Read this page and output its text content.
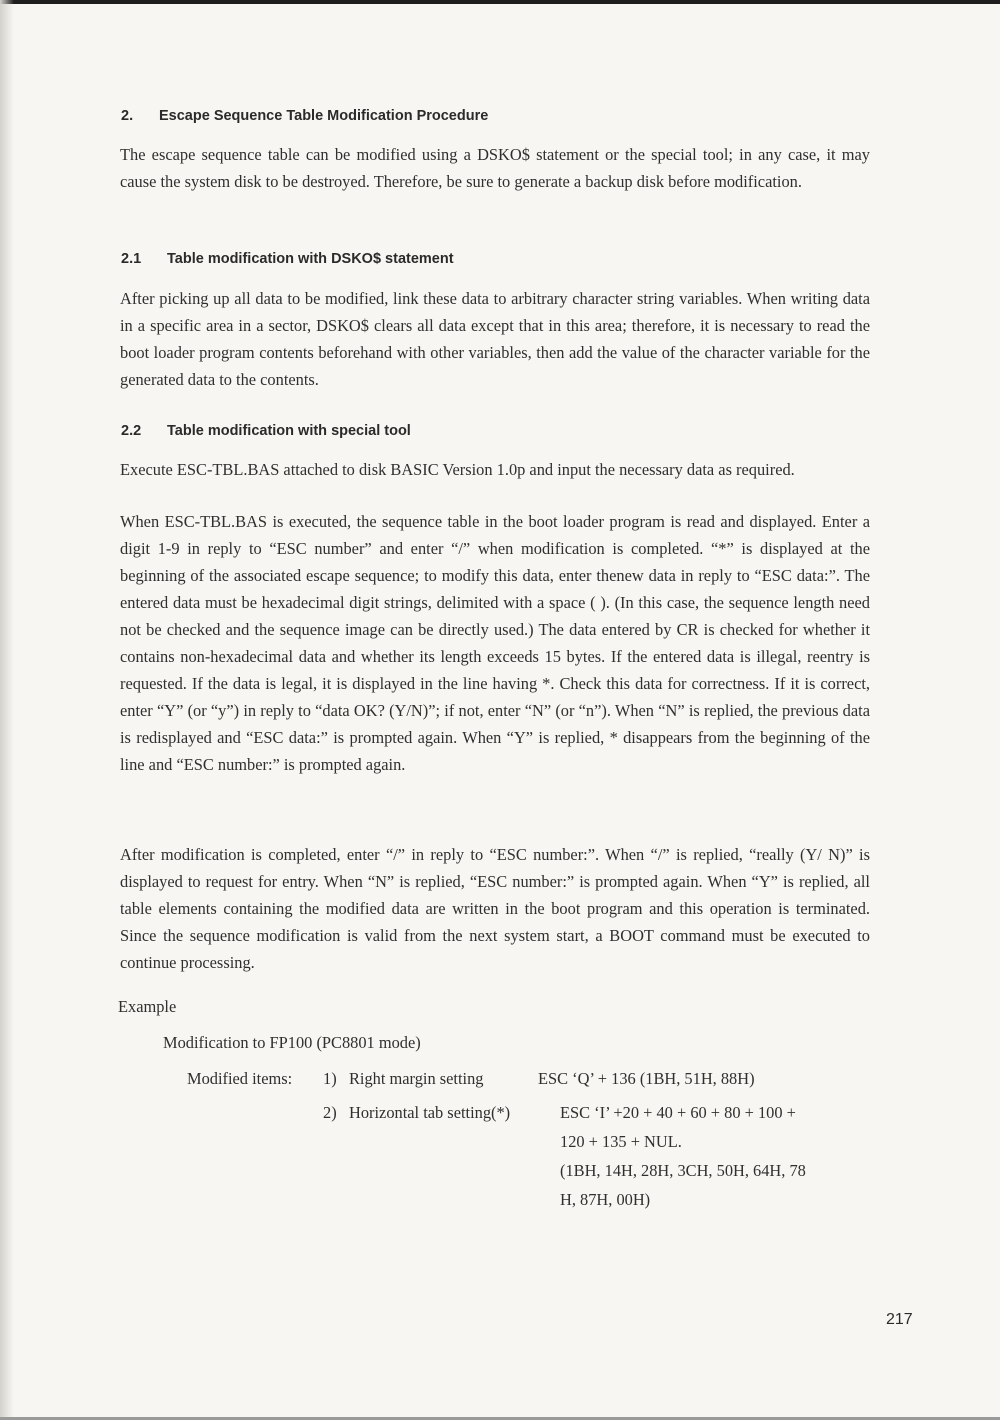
2. Escape Sequence Table Modification Procedure

The escape sequence table can be modified using a DSKO$ statement or the special tool; in any case, it may cause the system disk to be destroyed. Therefore, be sure to generate a backup disk before modification.

2.1 Table modification with DSKO$ statement

After picking up all data to be modified, link these data to arbitrary character string variables. When writing data in a specific area in a sector, DSKO$ clears all data except that in this area; therefore, it is necessary to read the boot loader program contents beforehand with other variables, then add the value of the character variable for the generated data to the contents.

2.2 Table modification with special tool

Execute ESC-TBL.BAS attached to disk BASIC Version 1.0p and input the necessary data as required.

When ESC-TBL.BAS is executed, the sequence table in the boot loader program is read and displayed. Enter a digit 1-9 in reply to “ESC number” and enter “/” when modification is completed. “*” is displayed at the beginning of the associated escape sequence; to modify this data, enter thenew data in reply to “ESC data:”. The entered data must be hexadecimal digit strings, delimited with a space ( ). (In this case, the sequence length need not be checked and the sequence image can be directly used.) The data entered by CR is checked for whether it contains non-hexadecimal data and whether its length exceeds 15 bytes. If the entered data is illegal, reentry is requested. If the data is legal, it is displayed in the line having *. Check this data for correctness. If it is correct, enter “Y” (or “y”) in reply to “data OK? (Y/N)”; if not, enter “N” (or “n”). When “N” is replied, the previous data is redisplayed and “ESC data:” is prompted again. When “Y” is replied, * disappears from the beginning of the line and “ESC number:” is prompted again.

After modification is completed, enter “/” in reply to “ESC number:”. When “/” is replied, “really (Y/ N)” is displayed to request for entry. When “N” is replied, “ESC number:” is prompted again. When “Y” is replied, all table elements containing the modified data are written in the boot program and this operation is terminated. Since the sequence modification is valid from the next system start, a BOOT command must be executed to continue processing.

Example

Modification to FP100 (PC8801 mode)

Modified items: 1) Right margin setting	ESC ‘Q’ + 136 (1BH, 51H, 88H)

2) Horizontal tab setting(*)	ESC ‘I’ +20 + 40 + 60 + 80 + 100 +

120 + 135 + NUL.

(1BH, 14H, 28H, 3CH, 50H, 64H, 78

H, 87H, 00H)

217
